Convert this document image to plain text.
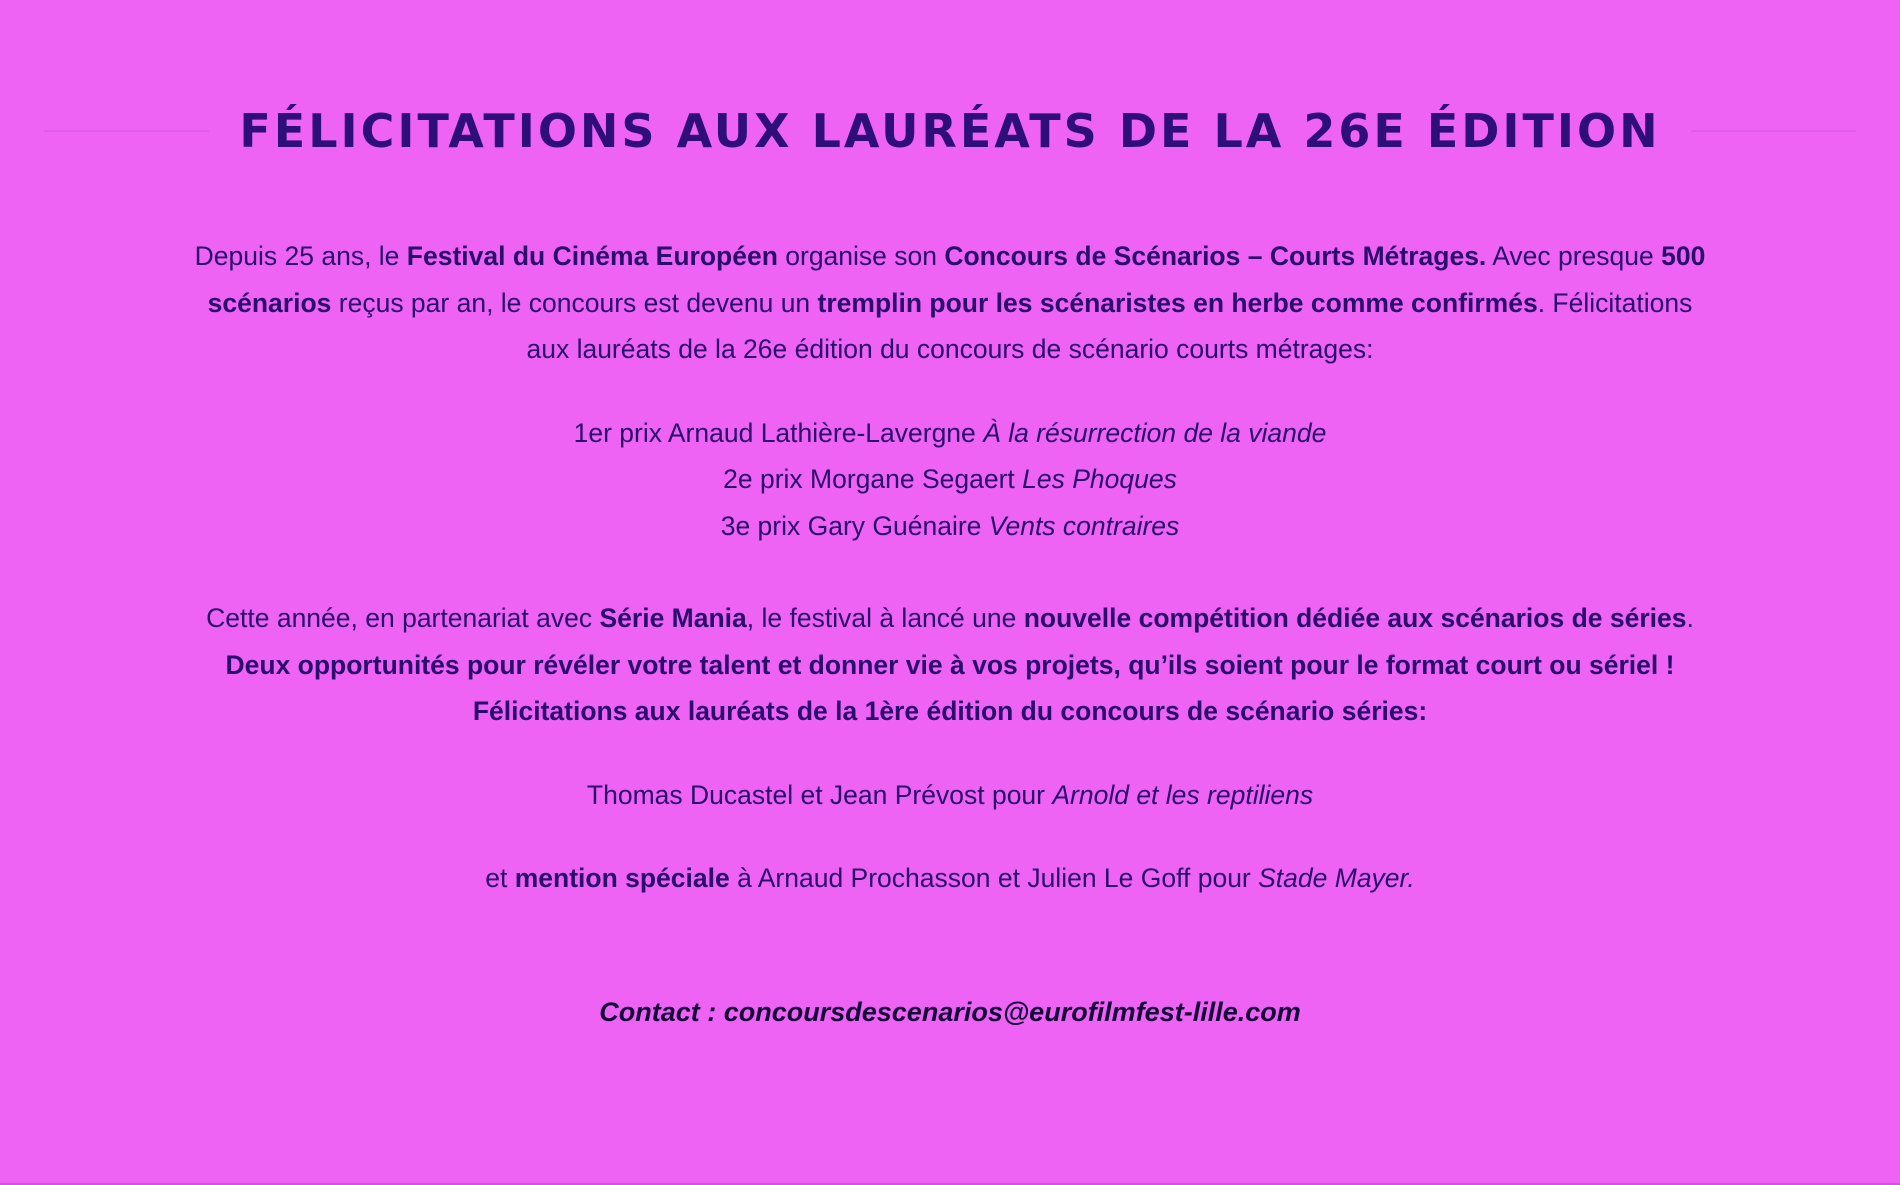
FÉLICITATIONS AUX LAURÉATS DE LA 26E ÉDITION

Depuis 25 ans, le Festival du Cinéma Européen organise son Concours de Scénarios – Courts Métrages. Avec presque 500 scénarios reçus par an, le concours est devenu un tremplin pour les scénaristes en herbe comme confirmés. Félicitations aux lauréats de la 26e édition du concours de scénario courts métrages:

1er prix Arnaud Lathière-Lavergne À la résurrection de la viande

2e prix Morgane Segaert Les Phoques

3e prix Gary Guénaire Vents contraires

Cette année, en partenariat avec Série Mania, le festival à lancé une nouvelle compétition dédiée aux scénarios de séries. Deux opportunités pour révéler votre talent et donner vie à vos projets, qu’ils soient pour le format court ou sériel ! Félicitations aux lauréats de la 1ère édition du concours de scénario séries:

Thomas Ducastel et Jean Prévost pour Arnold et les reptiliens

et mention spéciale à Arnaud Prochasson et Julien Le Goff pour Stade Mayer.

Contact : concoursdescenarios@eurofilmfest-lille.com
